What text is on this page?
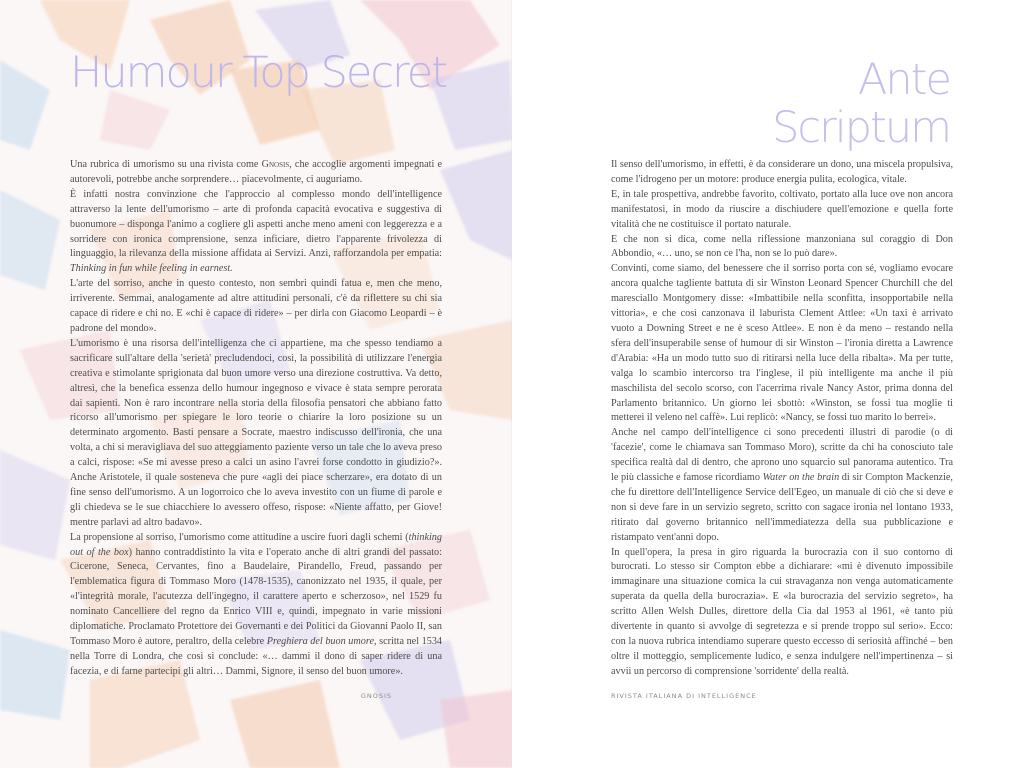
Humour Top Secret

Una rubrica di umorismo su una rivista come Gnosis, che accoglie argomenti impegnati e autorevoli, potrebbe anche sorprendere… piacevolmente, ci auguriamo.

È infatti nostra convinzione che l'approccio al complesso mondo dell'intelligence attraverso la lente dell'umorismo – arte di profonda capacità evocativa e suggestiva di buonumore – disponga l'animo a cogliere gli aspetti anche meno ameni con leggerezza e a sorridere con ironica comprensione, senza inficiare, dietro l'apparente frivolezza di linguaggio, la rilevanza della missione affidata ai Servizi. Anzi, rafforzandola per empatia: Thinking in fun while feeling in earnest.

L'arte del sorriso, anche in questo contesto, non sembri quindi fatua e, men che meno, irriverente. Semmai, analogamente ad altre attitudini personali, c'è da riflettere su chi sia capace di ridere e chi no. E «chi è capace di ridere» – per dirla con Giacomo Leopardi – è padrone del mondo».

L'umorismo è una risorsa dell'intelligenza che ci appartiene, ma che spesso tendiamo a sacrificare sull'altare della 'serietà' precludendoci, così, la possibilità di utilizzare l'energia creativa e stimolante sprigionata dal buon umore verso una direzione costruttiva. Va detto, altresì, che la benefica essenza dello humour ingegnoso e vivace è stata sempre perorata dai sapienti. Non è raro incontrare nella storia della filosofia pensatori che abbiano fatto ricorso all'umorismo per spiegare le loro teorie o chiarire la loro posizione su un determinato argomento. Basti pensare a Socrate, maestro indiscusso dell'ironia, che una volta, a chi si meravigliava del suo atteggiamento paziente verso un tale che lo aveva preso a calci, rispose: «Se mi avesse preso a calci un asino l'avrei forse condotto in giudizio?». Anche Aristotele, il quale sosteneva che pure «agli dei piace scherzare», era dotato di un fine senso dell'umorismo. A un logorroico che lo aveva investito con un fiume di parole e gli chiedeva se le sue chiacchiere lo avessero offeso, rispose: «Niente affatto, per Giove! mentre parlavi ad altro badavo».

La propensione al sorriso, l'umorismo come attitudine a uscire fuori dagli schemi (thinking out of the box) hanno contraddistinto la vita e l'operato anche di altri grandi del passato: Cicerone, Seneca, Cervantes, fino a Baudelaire, Pirandello, Freud, passando per l'emblematica figura di Tommaso Moro (1478-1535), canonizzato nel 1935, il quale, per «l'integrità morale, l'acutezza dell'ingegno, il carattere aperto e scherzoso», nel 1529 fu nominato Cancelliere del regno da Enrico VIII e, quindi, impegnato in varie missioni diplomatiche. Proclamato Protettore dei Governanti e dei Politici da Giovanni Paolo II, san Tommaso Moro è autore, peraltro, della celebre Preghiera del buon umore, scritta nel 1534 nella Torre di Londra, che così si conclude: «… dammi il dono di saper ridere di una facezia, e di farne partecipi gli altri… Dammi, Signore, il senso del buon umore».

GNOSIS
Ante
Scriptum

Il senso dell'umorismo, in effetti, è da considerare un dono, una miscela propulsiva, come l'idrogeno per un motore: produce energia pulita, ecologica, vitale.

E, in tale prospettiva, andrebbe favorito, coltivato, portato alla luce ove non ancora manifestatosi, in modo da riuscire a dischiudere quell'emozione e quella forte vitalità che ne costituisce il portato naturale.

E che non si dica, come nella riflessione manzoniana sul coraggio di Don Abbondio, «… uno, se non ce l'ha, non se lo può dare».

Convinti, come siamo, del benessere che il sorriso porta con sé, vogliamo evocare ancora qualche tagliente battuta di sir Winston Leonard Spencer Churchill che del maresciallo Montgomery disse: «Imbattibile nella sconfitta, insopportabile nella vittoria», e che così canzonava il laburista Clement Attlee: «Un taxi è arrivato vuoto a Downing Street e ne è sceso Attlee». E non è da meno – restando nella sfera dell'insuperabile sense of humour di sir Winston – l'ironia diretta a Lawrence d'Arabia: «Ha un modo tutto suo di ritirarsi nella luce della ribalta». Ma per tutte, valga lo scambio intercorso tra l'inglese, il più intelligente ma anche il più maschilista del secolo scorso, con l'acerrima rivale Nancy Astor, prima donna del Parlamento britannico. Un giorno lei sbottò: «Winston, se fossi tua moglie ti metterei il veleno nel caffè». Lui replicò: «Nancy, se fossi tuo marito lo berrei».

Anche nel campo dell'intelligence ci sono precedenti illustri di parodie (o di 'facezie', come le chiamava san Tommaso Moro), scritte da chi ha conosciuto tale specifica realtà dal di dentro, che aprono uno squarcio sul panorama autentico. Tra le più classiche e famose ricordiamo Water on the brain di sir Compton Mackenzie, che fu direttore dell'Intelligence Service dell'Egeo, un manuale di ciò che si deve e non si deve fare in un servizio segreto, scritto con sagace ironia nel lontano 1933, ritirato dal governo britannico nell'immediatezza della sua pubblicazione e ristampato vent'anni dopo.

In quell'opera, la presa in giro riguarda la burocrazia con il suo contorno di burocrati. Lo stesso sir Compton ebbe a dichiarare: «mi è divenuto impossibile immaginare una situazione comica la cui stravaganza non venga automaticamente superata da quella della burocrazia». E «la burocrazia del servizio segreto», ha scritto Allen Welsh Dulles, direttore della Cia dal 1953 al 1961, «è tanto più divertente in quanto si avvolge di segretezza e si prende troppo sul serio». Ecco: con la nuova rubrica intendiamo superare questo eccesso di seriosità affinché – ben oltre il motteggio, semplicemente ludico, e senza indulgere nell'impertinenza – si avvii un percorso di comprensione 'sorridente' della realtà.

RIVISTA ITALIANA DI INTELLIGENCE
